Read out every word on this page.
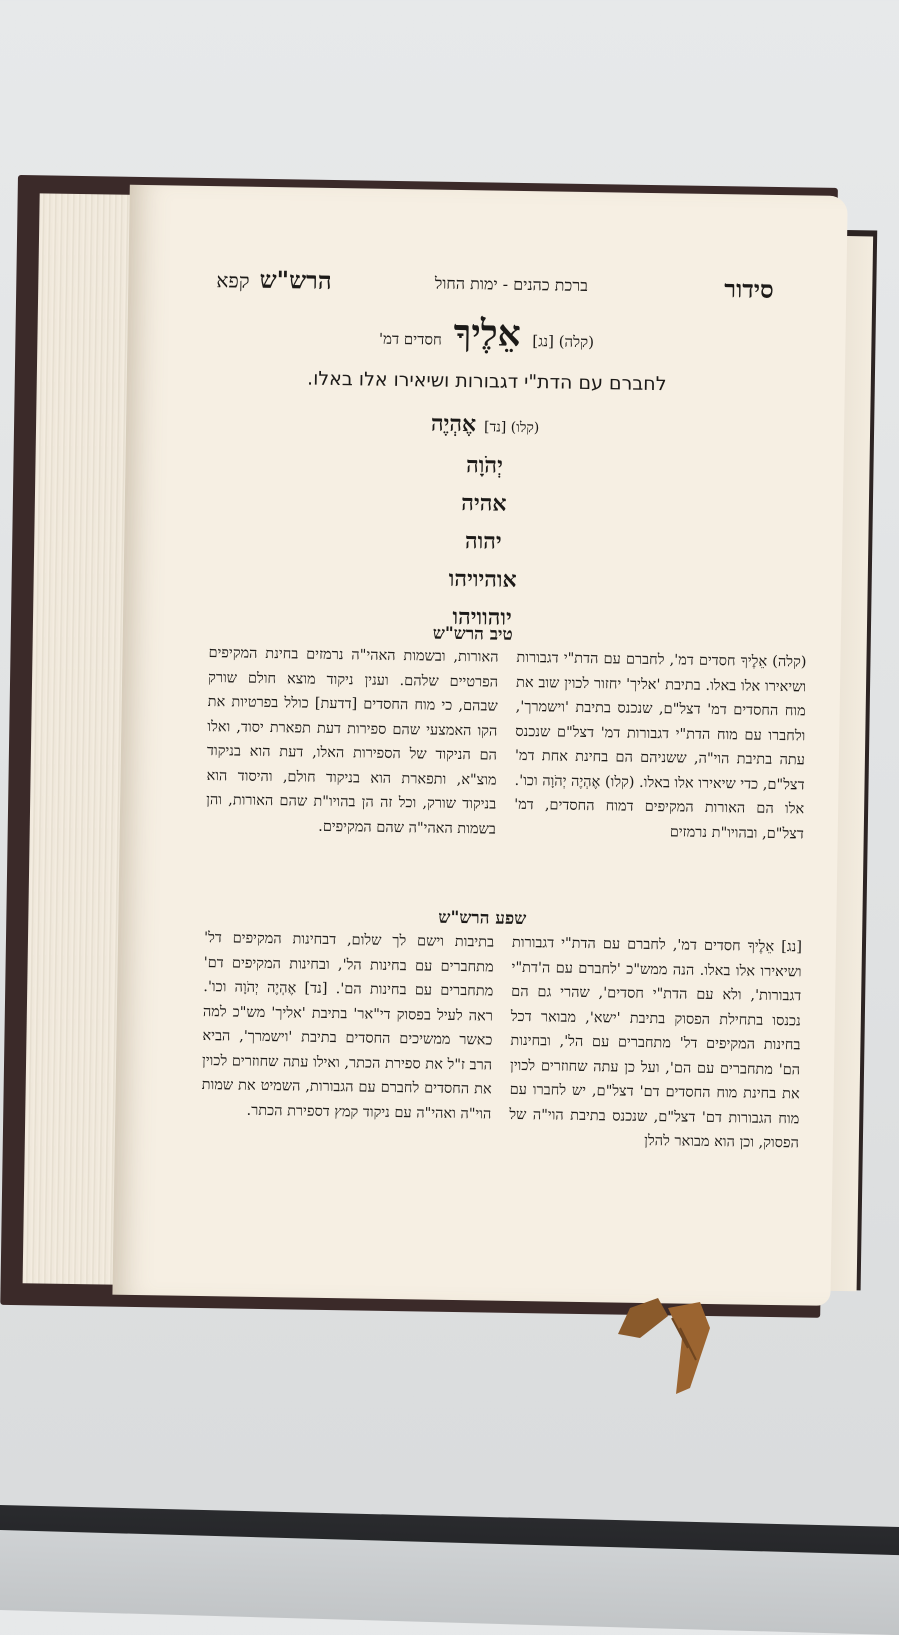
הרש"שקפא	ברכת כהנים - ימות החול	סידור
(קלה) [נג] אֵלֶיךָ חסדים דמ'
לחברם עם הדת"י דגבורות ושיאירו אלו באלו.
(קלו) [נד]אֶהְיֶה
יְהֹוָה
אהיה
יהוה
אוהיויהו
יוהוויהו
טיב הרש"ש
(קלה) אֵלֶיךָ חסדים דמ', לחברם עם הדת"י דגבורות ושיאירו אלו באלו. בתיבת 'אליך' יחזור לכוין שוב את מוח החסדים דמ' דצל"ם, שנכנס בתיבת 'וישמרך', ולחברו עם מוח הדת"י דגבורות דמ' דצל"ם שנכנס עתה בתיבת הוי"ה, ששניהם הם בחינת אחת דמ' דצל"ם, כדי שיאירו אלו באלו. (קלו) אֶהְיֶה יְהֹוָה וכו'. אלו הם האורות המקיפים דמוח החסדים, דמ' דצל"ם, ובהויו"ת נרמזים
האורות, ובשמות האהי"ה נרמזים בחינת המקיפים הפרטיים שלהם. וענין ניקוד מוצא חולם שורק שבהם, כי מוח החסדים [דדעת] כולל בפרטיות את הקו האמצעי שהם ספירות דעת תפארת יסוד, ואלו הם הניקוד של הספירות האלו, דעת הוא בניקוד מוצ"א, ותפארת הוא בניקוד חולם, והיסוד הוא בניקוד שורק, וכל זה הן בהויו"ת שהם האורות, והן בשמות האהי"ה שהם המקיפים.
שפע הרש"ש
[נג] אֵלֶיךָ חסדים דמ', לחברם עם הדת"י דגבורות ושיאירו אלו באלו. הנה ממש"כ 'לחברם עם ה'דת"י דגבורות', ולא עם הדת"י חסדים', שהרי גם הם נכנסו בתחילת הפסוק בתיבת 'ישא', מבואר דכל בחינות המקיפים דל' מתחברים עם הל', ובחינות הם' מתחברים עם הם', ועל כן עתה שחוזרים לכוין את בחינת מוח החסדים דם' דצל"ם, יש לחברו עם מוח הגבורות דם' דצל"ם, שנכנס בתיבת הוי"ה של הפסוק, וכן הוא מבואר להלן
בתיבות וישם לך שלום, דבחינות המקיפים דל' מתחברים עם בחינות הל', ובחינות המקיפים דם' מתחברים עם בחינות הם'. [נד] אֶהְיֶה יְהֹוָה וכו'. ראה לעיל בפסוק די"אר' בתיבת 'אליך' מש"כ למה כאשר ממשיכים החסדים בתיבת 'וישמרך', הביא הרב ז"ל את ספירת הכתר, ואילו עתה שחוזרים לכוין את החסדים לחברם עם הגבורות, השמיט את שמות הוי"ה ואהי"ה עם ניקוד קמץ דספירת הכתר.
